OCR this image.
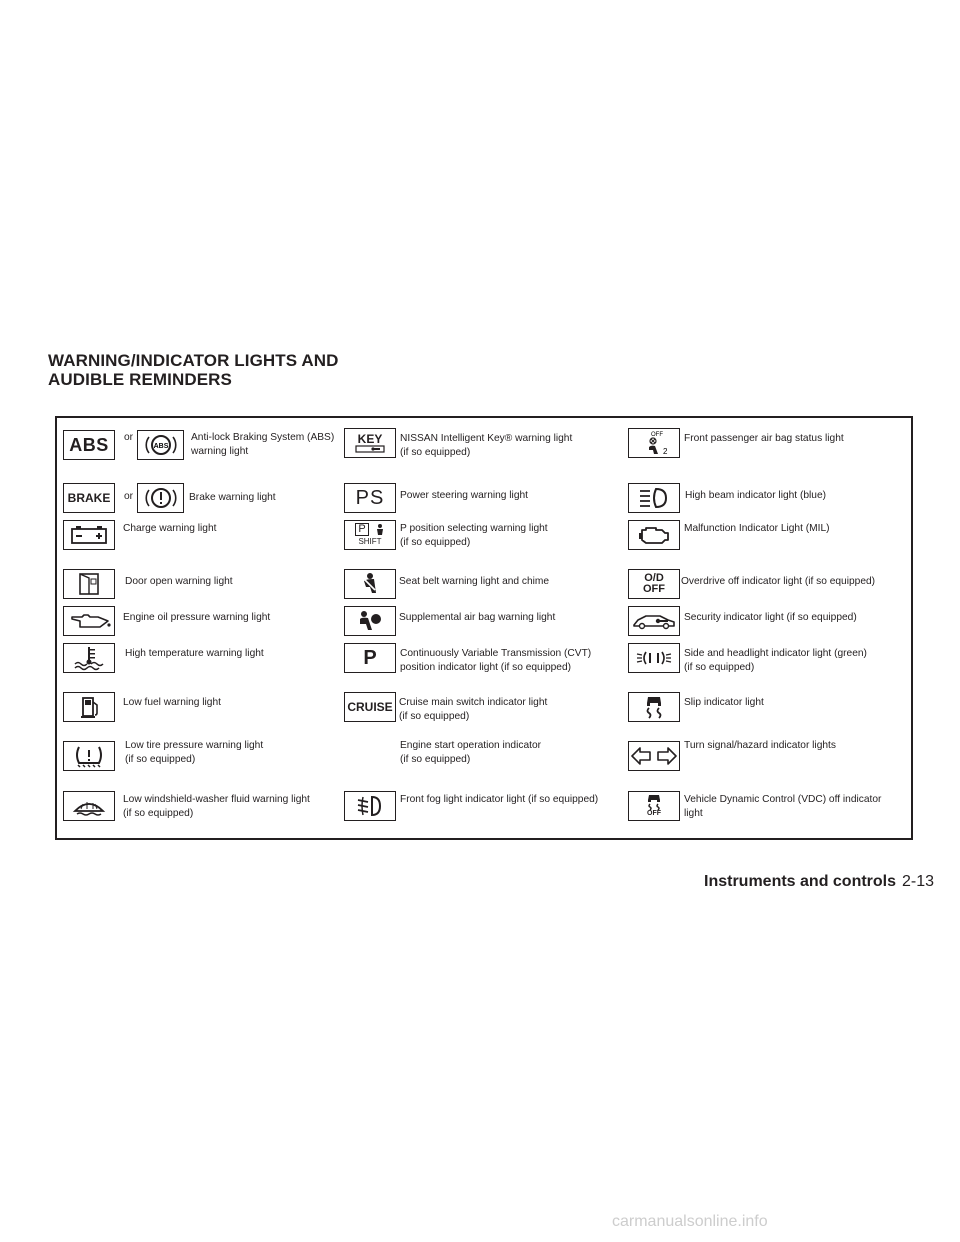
WARNING/INDICATOR LIGHTS AND
AUDIBLE REMINDERS
ABS or
ABS
Anti-lock Braking System (ABS)
warning light
BRAKE or	Brake warning light
Charge warning light
Door open warning light
Engine oil pressure warning light
High temperature warning light
Low fuel warning light
Low tire pressure warning light
(if so equipped)
Low windshield-washer fluid warning light
(if so equipped)
KEY NISSAN Intelligent Key® warning light
(if so equipped)
PS Power steering warning light
P
SHIFT
P position selecting warning light
(if so equipped)
Seat belt warning light and chime
Supplemental air bag warning light
P Continuously Variable Transmission (CVT)
position indicator light (if so equipped)
CRUISE Cruise main switch indicator light
(if so equipped)
Engine start operation indicator
(if so equipped)
Front fog light indicator light (if so equipped)
OFF
2
Front passenger air bag status light
High beam indicator light (blue)
Malfunction Indicator Light (MIL)
O/D
OFF
Overdrive off indicator light (if so equipped)
Security indicator light (if so equipped)
Side and headlight indicator light (green)
(if so equipped)
Slip indicator light
Turn signal/hazard indicator lights
OFF
Vehicle Dynamic Control (VDC) off indicator
light
Instruments and controls 2-13
carmanualsonline.info
